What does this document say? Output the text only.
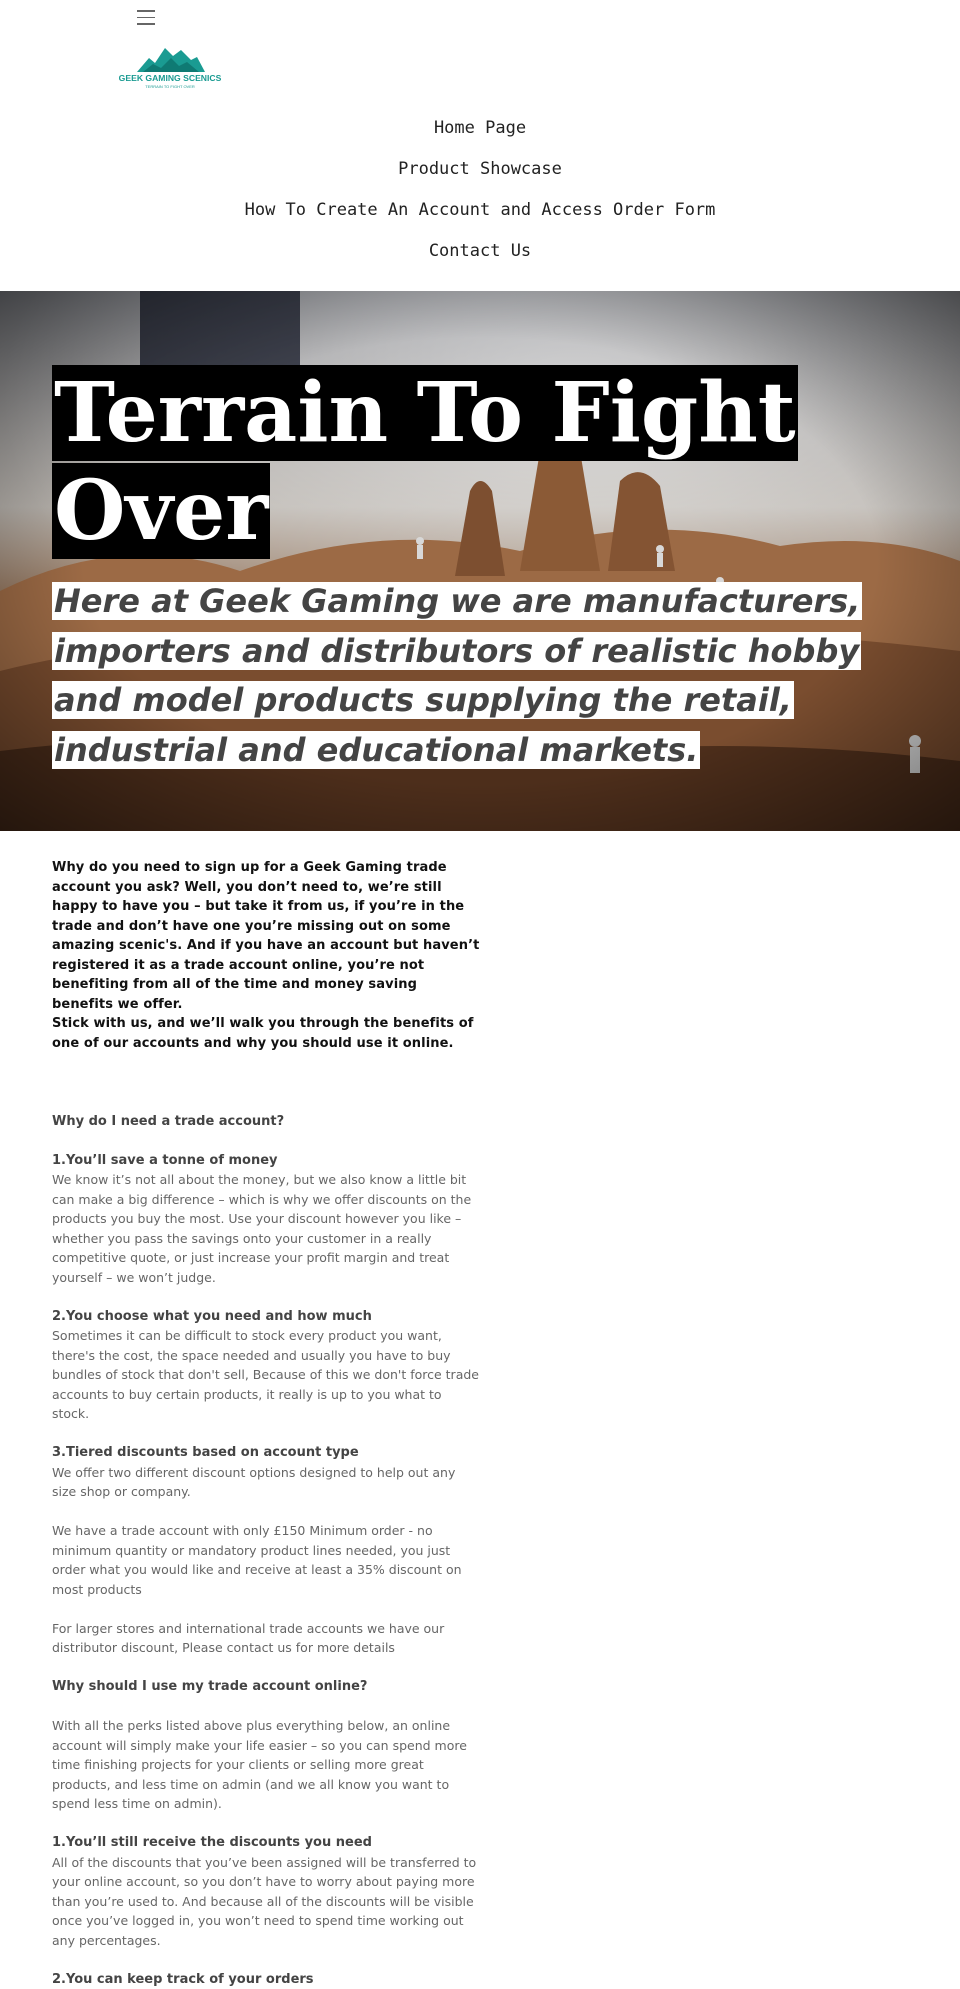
GEEK GAMING SCENICS
TERRAIN TO FIGHT OVER
Home Page
Product Showcase
How To Create An Account and Access Order Form
Contact Us
Terrain To Fight Over

Here at Geek Gaming we are manufacturers, importers and distributors of realistic hobby and model products supplying the retail, industrial and educational markets.

Why do you need to sign up for a Geek Gaming trade account you ask? Well, you don’t need to, we’re still happy to have you – but take it from us, if you’re in the trade and don’t have one you’re missing out on some amazing scenic's. And if you have an account but haven’t registered it as a trade account online, you’re not benefiting from all of the time and money saving benefits we offer.

Stick with us, and we’ll walk you through the benefits of one of our accounts and why you should use it online.

Why do I need a trade account?

1.You’ll save a tonne of money

We know it’s not all about the money, but we also know a little bit can make a big difference – which is why we offer discounts on the products you buy the most. Use your discount however you like – whether you pass the savings onto your customer in a really competitive quote, or just increase your profit margin and treat yourself – we won’t judge.

2.You choose what you need and how much

Sometimes it can be difficult to stock every product you want, there's the cost, the space needed and usually you have to buy bundles of stock that don't sell, Because of this we don't force trade accounts to buy certain products, it really is up to you what to stock.

3.Tiered discounts based on account type

We offer two different discount options designed to help out any size shop or company.

We have a trade account with only £150 Minimum order - no minimum quantity or mandatory product lines needed, you just order what you would like and receive at least a 35% discount on most products

For larger stores and international trade accounts we have our distributor discount, Please contact us for more details

Why should I use my trade account online?

With all the perks listed above plus everything below, an online account will simply make your life easier – so you can spend more time finishing projects for your clients or selling more great products, and less time on admin (and we all know you want to spend less time on admin).

1.You’ll still receive the discounts you need

All of the discounts that you’ve been assigned will be transferred to your online account, so you don’t have to worry about paying more than you’re used to. And because all of the discounts will be visible once you’ve logged in, you won’t need to spend time working out any percentages.

2.You can keep track of your orders
